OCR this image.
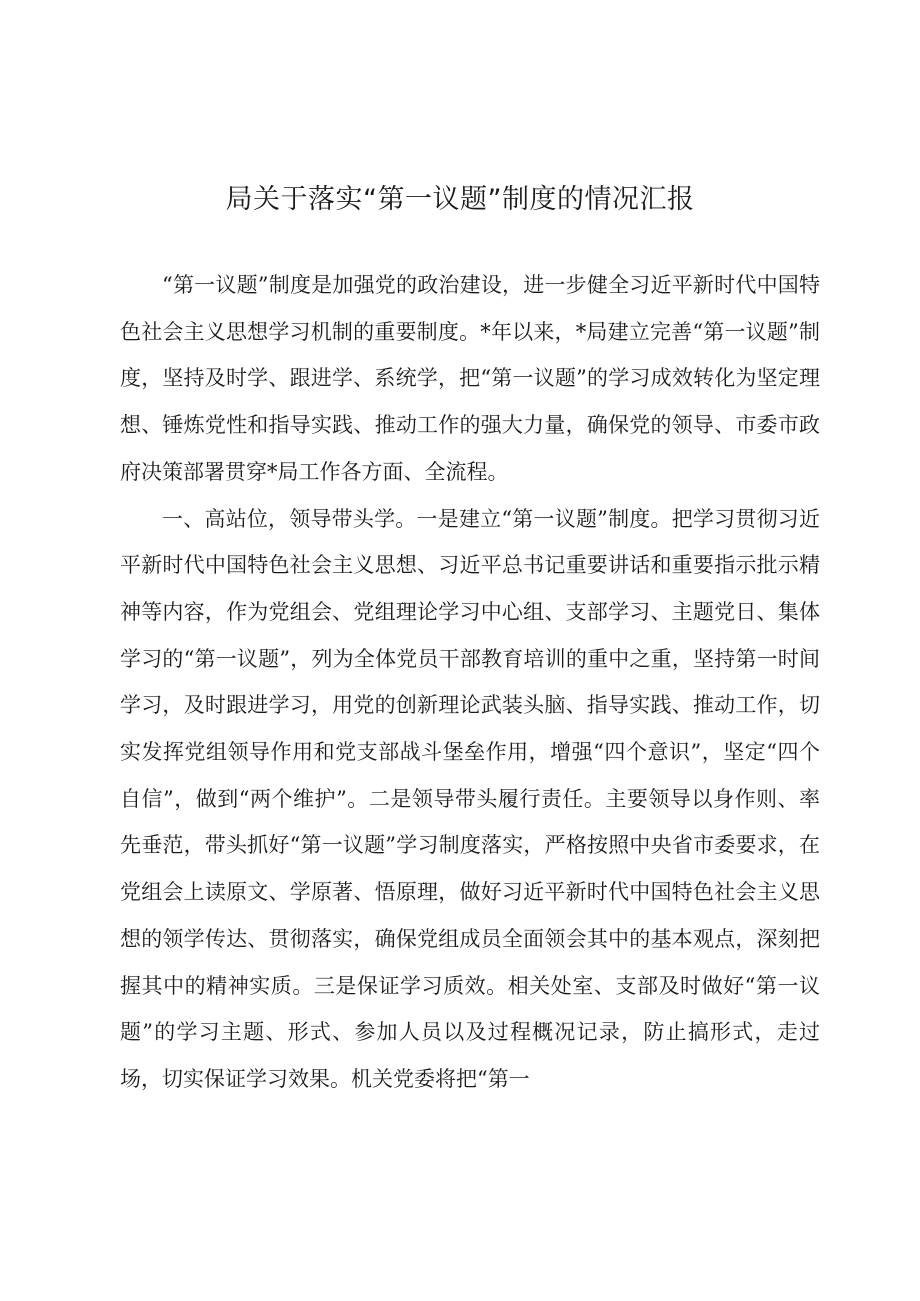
局关于落实“第一议题”制度的情况汇报

“第一议题”制度是加强党的政治建设，进一步健全习近平新时代中国特色社会主义思想学习机制的重要制度。*年以来，*局建立完善“第一议题”制度，坚持及时学、跟进学、系统学，把“第一议题”的学习成效转化为坚定理想、锤炼党性和指导实践、推动工作的强大力量，确保党的领导、市委市政府决策部署贯穿*局工作各方面、全流程。

一、高站位，领导带头学。一是建立“第一议题”制度。把学习贯彻习近平新时代中国特色社会主义思想、习近平总书记重要讲话和重要指示批示精神等内容，作为党组会、党组理论学习中心组、支部学习、主题党日、集体学习的“第一议题”，列为全体党员干部教育培训的重中之重，坚持第一时间学习，及时跟进学习，用党的创新理论武装头脑、指导实践、推动工作，切实发挥党组领导作用和党支部战斗堡垒作用，增强“四个意识”，坚定“四个自信”，做到“两个维护”。二是领导带头履行责任。主要领导以身作则、率先垂范，带头抓好“第一议题”学习制度落实，严格按照中央省市委要求，在党组会上读原文、学原著、悟原理，做好习近平新时代中国特色社会主义思想的领学传达、贯彻落实，确保党组成员全面领会其中的基本观点，深刻把握其中的精神实质。三是保证学习质效。相关处室、支部及时做好“第一议题”的学习主题、形式、参加人员以及过程概况记录，防止搞形式，走过场，切实保证学习效果。机关党委将把“第一
